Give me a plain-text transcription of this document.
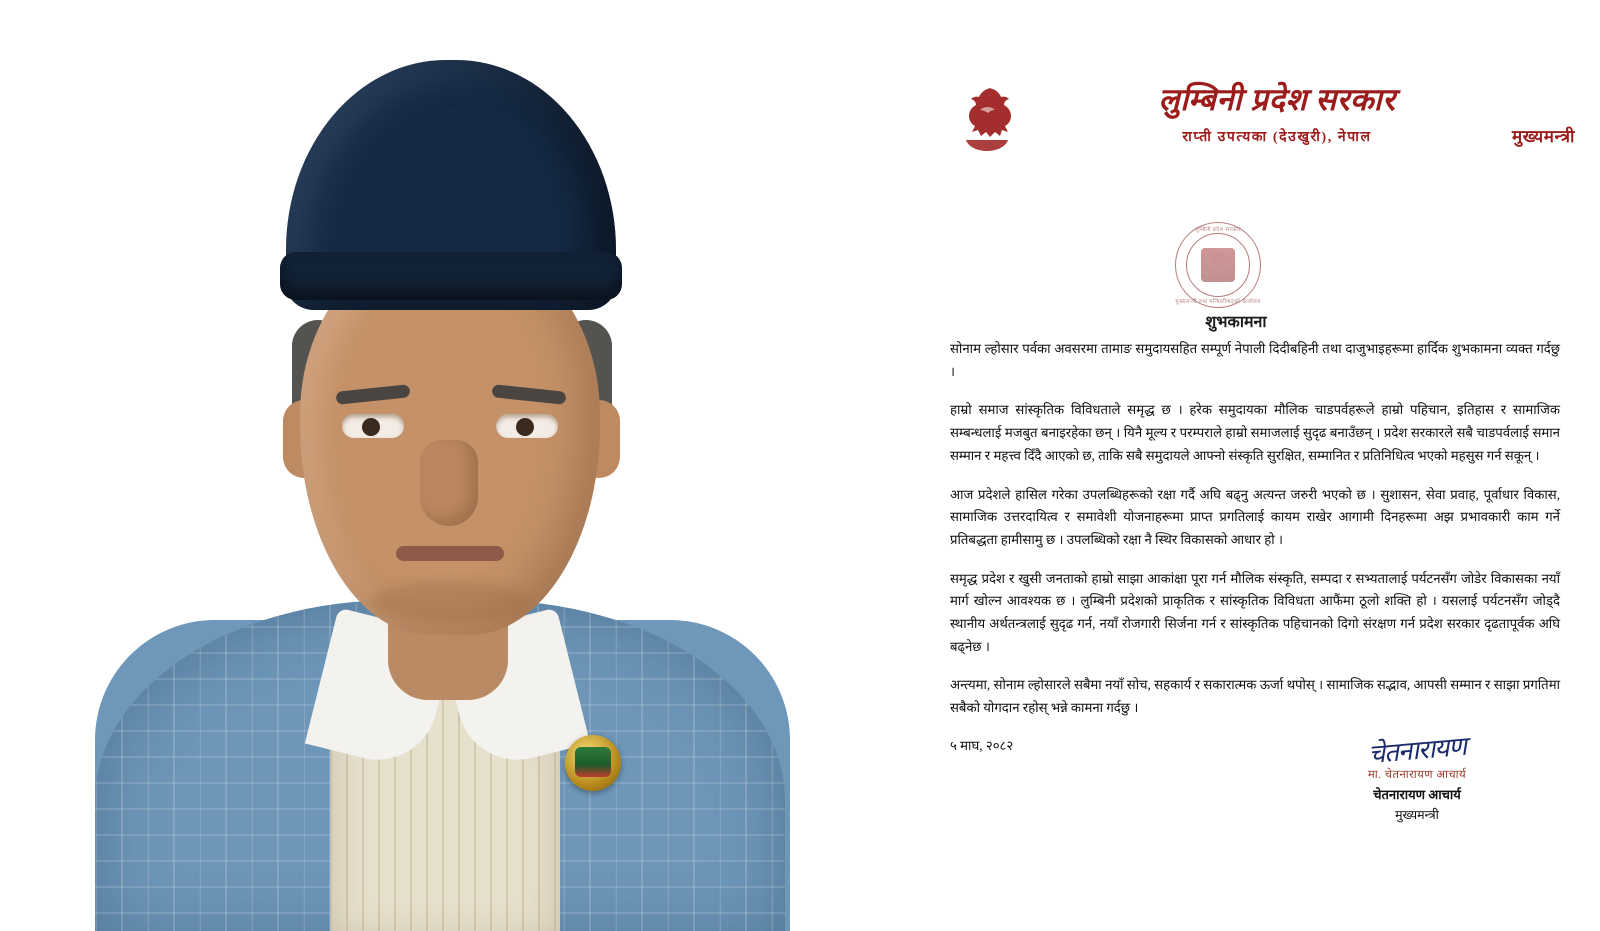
लुम्बिनी प्रदेश सरकार
राप्ती उपत्यका (देउखुरी), नेपाल	मुख्यमन्त्री
लुम्बिनी प्रदेश सरकार
मुख्यमन्त्री तथा मन्त्रिपरिषद्को कार्यालय
शुभकामना

सोनाम ल्होसार पर्वका अवसरमा तामाङ समुदायसहित सम्पूर्ण नेपाली दिदीबहिनी तथा दाजुभाइहरूमा हार्दिक शुभकामना व्यक्त गर्दछु ।

हाम्रो समाज सांस्कृतिक विविधताले समृद्ध छ । हरेक समुदायका मौलिक चाडपर्वहरूले हाम्रो पहिचान, इतिहास र सामाजिक सम्बन्धलाई मजबुत बनाइरहेका छन् । यिनै मूल्य र परम्पराले हाम्रो समाजलाई सुदृढ बनाउँछन् । प्रदेश सरकारले सबै चाडपर्वलाई समान सम्मान र महत्त्व दिँदै आएको छ, ताकि सबै समुदायले आफ्नो संस्कृति सुरक्षित, सम्मानित र प्रतिनिधित्व भएको महसुस गर्न सकून् ।

आज प्रदेशले हासिल गरेका उपलब्धिहरूको रक्षा गर्दै अघि बढ्नु अत्यन्त जरुरी भएको छ । सुशासन, सेवा प्रवाह, पूर्वाधार विकास, सामाजिक उत्तरदायित्व र समावेशी योजनाहरूमा प्राप्त प्रगतिलाई कायम राखेर आगामी दिनहरूमा अझ प्रभावकारी काम गर्ने प्रतिबद्धता हामीसामु छ । उपलब्धिको रक्षा नै स्थिर विकासको आधार हो ।

समृद्ध प्रदेश र खुसी जनताको हाम्रो साझा आकांक्षा पूरा गर्न मौलिक संस्कृति, सम्पदा र सभ्यतालाई पर्यटनसँग जोडेर विकासका नयाँ मार्ग खोल्न आवश्यक छ । लुम्बिनी प्रदेशको प्राकृतिक र सांस्कृतिक विविधता आफैंमा ठूलो शक्ति हो । यसलाई पर्यटनसँग जोड्दै स्थानीय अर्थतन्त्रलाई सुदृढ गर्न, नयाँ रोजगारी सिर्जना गर्न र सांस्कृतिक पहिचानको दिगो संरक्षण गर्न प्रदेश सरकार दृढतापूर्वक अघि बढ्नेछ ।

अन्त्यमा, सोनाम ल्होसारले सबैमा नयाँ सोच, सहकार्य र सकारात्मक ऊर्जा थपोस् । सामाजिक सद्भाव, आपसी सम्मान र साझा प्रगतिमा सबैको योगदान रहोस् भन्ने कामना गर्दछु ।

५ माघ, २०८२	चेतनारायण
मा. चेतनारायण आचार्य
चेतनारायण आचार्य
मुख्यमन्त्री
